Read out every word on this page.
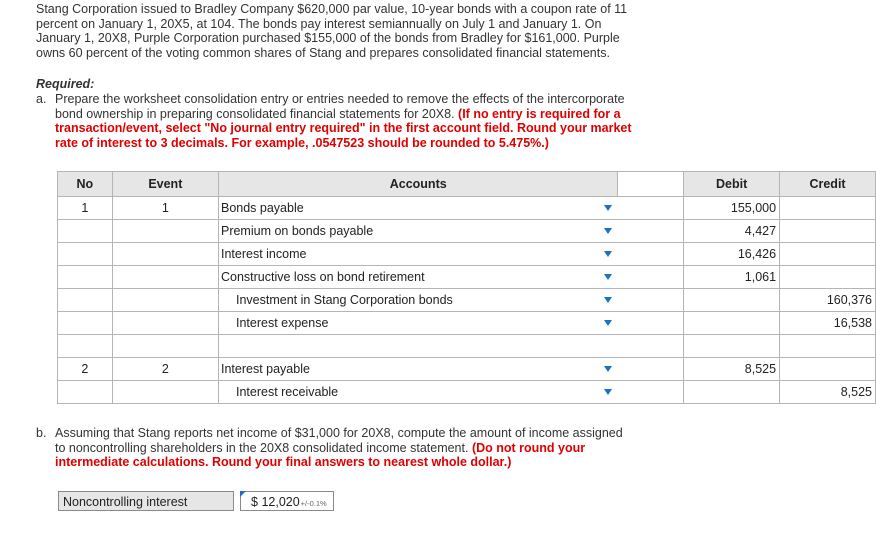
Stang Corporation issued to Bradley Company $620,000 par value, 10-year bonds with a coupon rate of 11
percent on January 1, 20X5, at 104. The bonds pay interest semiannually on July 1 and January 1. On
January 1, 20X8, Purple Corporation purchased $155,000 of the bonds from Bradley for $161,000. Purple
owns 60 percent of the voting common shares of Stang and prepares consolidated financial statements.
Required:
a. Prepare the worksheet consolidation entry or entries needed to remove the effects of the intercorporate
bond ownership in preparing consolidated financial statements for 20X8. (If no entry is required for a
transaction/event, select "No journal entry required" in the first account field. Round your market
rate of interest to 3 decimals. For example, .0547523 should be rounded to 5.475%.)
No	Event	Accounts		Debit	Credit
1	1	Bonds payable		155,000	

		Premium on bonds payable		4,427	

		Interest income		16,426	

		Constructive loss on bond retirement		1,061	

		Investment in Stang Corporation bonds			160,376

		Interest expense			16,538

2	2	Interest payable		8,525	

		Interest receivable			8,525
b. Assuming that Stang reports net income of $31,000 for 20X8, compute the amount of income assigned
to noncontrolling shareholders in the 20X8 consolidated income statement. (Do not round your
intermediate calculations. Round your final answers to nearest whole dollar.)
Noncontrolling interest	$ 12,020+/-0.1%
